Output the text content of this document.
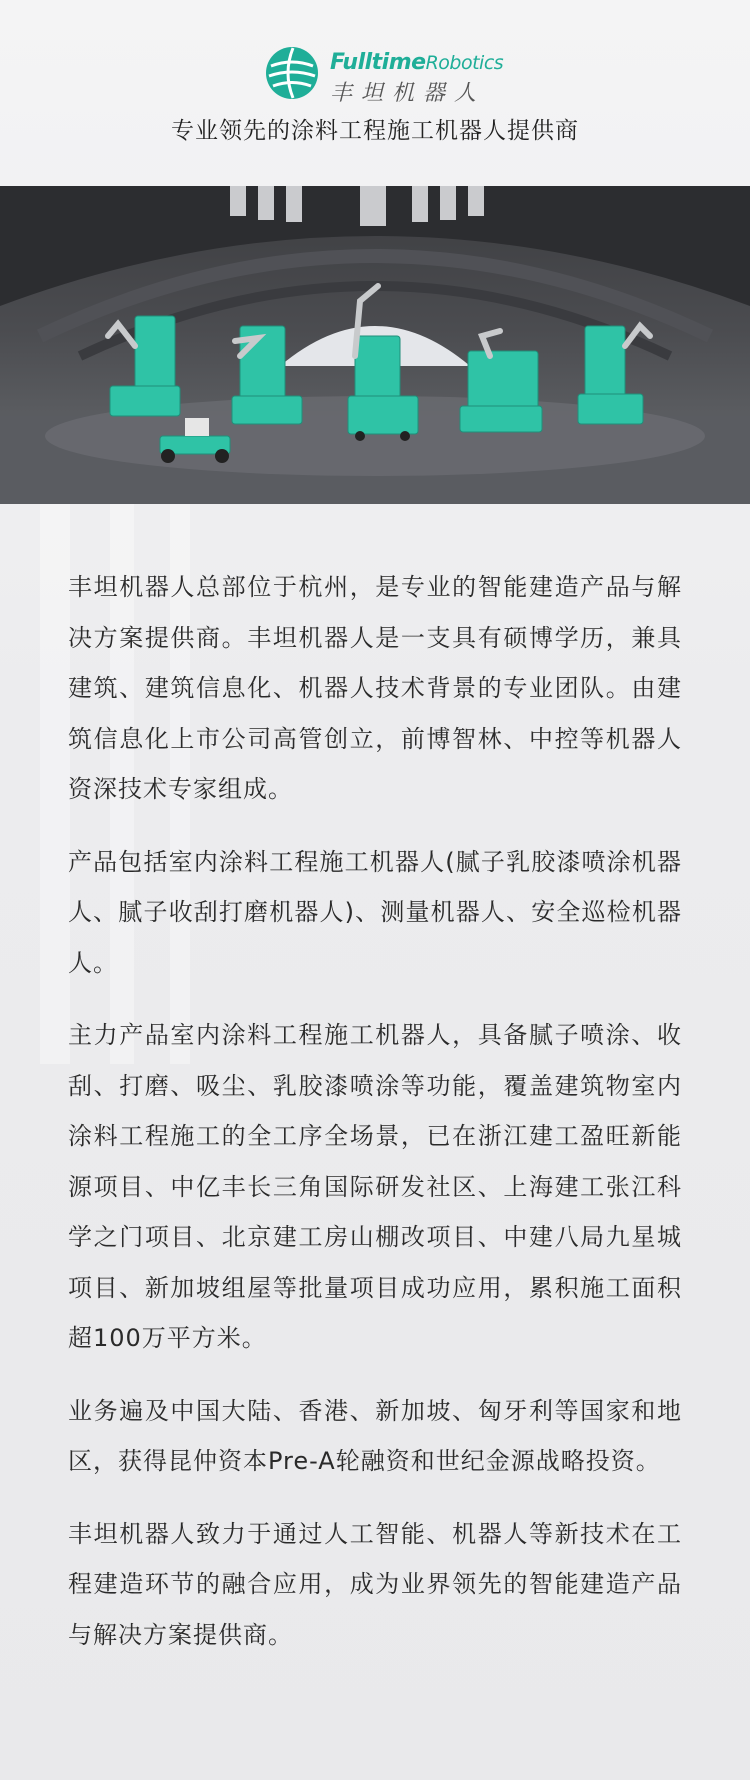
FulltimeRobotics
丰坦机器人
专业领先的涂料工程施工机器人提供商

丰坦机器人总部位于杭州，是专业的智能建造产品与解决方案提供商。丰坦机器人是一支具有硕博学历，兼具建筑、建筑信息化、机器人技术背景的专业团队。由建筑信息化上市公司高管创立，前博智林、中控等机器人资深技术专家组成。

产品包括室内涂料工程施工机器人(腻子乳胶漆喷涂机器人、腻子收刮打磨机器人)、测量机器人、安全巡检机器人。

主力产品室内涂料工程施工机器人，具备腻子喷涂、收刮、打磨、吸尘、乳胶漆喷涂等功能，覆盖建筑物室内涂料工程施工的全工序全场景，已在浙江建工盈旺新能源项目、中亿丰长三角国际研发社区、上海建工张江科学之门项目、北京建工房山棚改项目、中建八局九星城项目、新加坡组屋等批量项目成功应用，累积施工面积超100万平方米。

业务遍及中国大陆、香港、新加坡、匈牙利等国家和地区，获得昆仲资本Pre-A轮融资和世纪金源战略投资。

丰坦机器人致力于通过人工智能、机器人等新技术在工程建造环节的融合应用，成为业界领先的智能建造产品与解决方案提供商。
